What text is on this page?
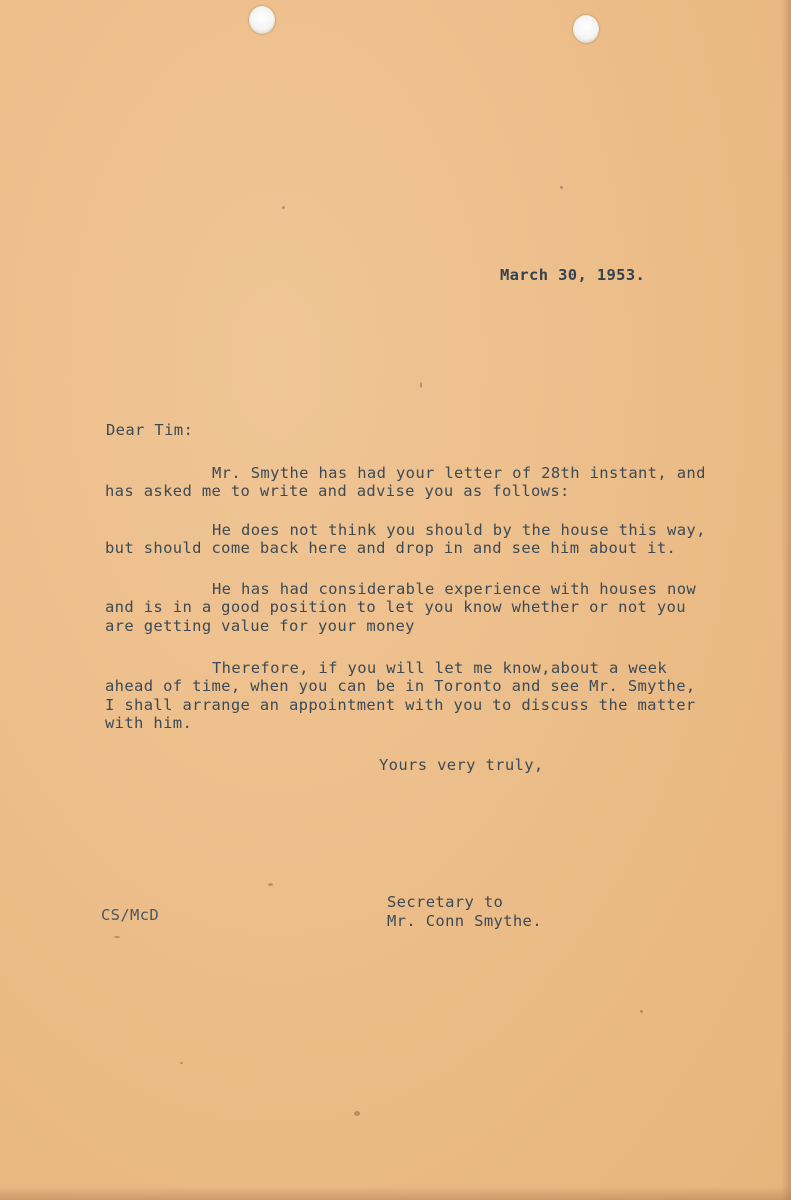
March 30, 1953.
Dear Tim:
Mr. Smythe has had your letter of 28th instant, and
has asked me to write and advise you as follows:
He does not think you should by the house this way,
but should come back here and drop in and see him about it.
He has had considerable experience with houses now
and is in a good position to let you know whether or not you
are getting value for your money
Therefore, if you will let me know,about a week
ahead of time, when you can be in Toronto and see Mr. Smythe,
I shall arrange an appointment with you to discuss the matter
with him.
Yours very truly,
Secretary to
Mr. Conn Smythe.
CS/McD
